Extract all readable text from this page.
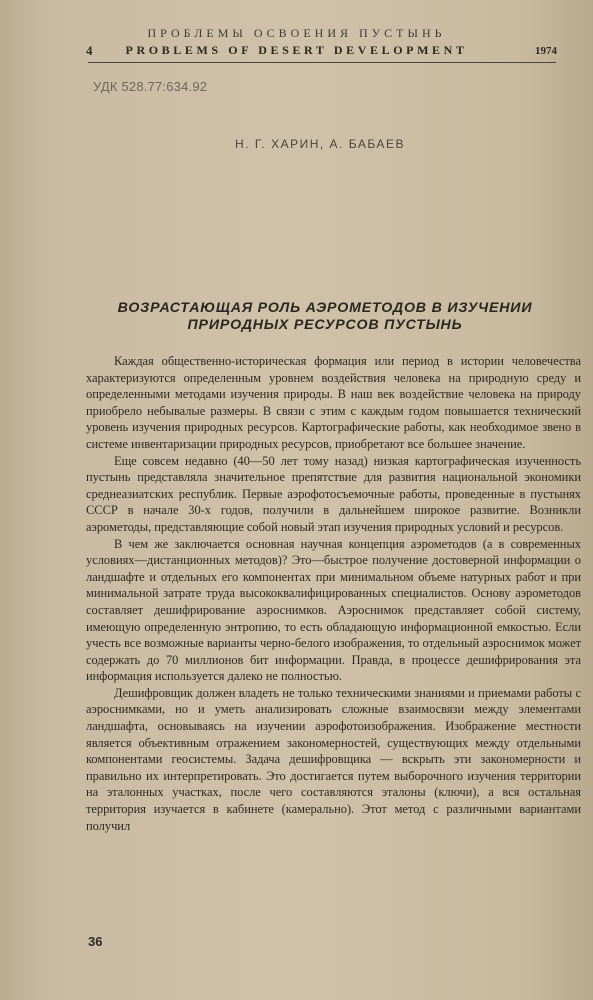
ПРОБЛЕМЫ ОСВОЕНИЯ ПУСТЫНЬ
4	PROBLEMS OF DESERT DEVELOPMENT	1974
УДК 528.77:634.92
Н. Г. ХАРИН, А. БАБАЕВ
ВОЗРАСТАЮЩАЯ РОЛЬ АЭРОМЕТОДОВ В ИЗУЧЕНИИ
ПРИРОДНЫХ РЕСУРСОВ ПУСТЫНЬ

Каждая общественно-историческая формация или период в истории человечества характеризуются определенным уровнем воздействия человека на природную среду и определенными методами изучения природы. В наш век воздействие человека на природу приобрело небывалые размеры. В связи с этим с каждым годом повышается технический уровень изучения природных ресурсов. Картографические работы, как необходимое звено в системе инвентаризации природных ресурсов, приобретают все большее значение.

Еще совсем недавно (40—50 лет тому назад) низкая картографическая изученность пустынь представляла значительное препятствие для развития национальной экономики среднеазиатских республик. Первые аэрофотосъемочные работы, проведенные в пустынях СССР в начале 30-х годов, получили в дальнейшем широкое развитие. Возникли аэрометоды, представляющие собой новый этап изучения природных условий и ресурсов.

В чем же заключается основная научная концепция аэрометодов (а в современных условиях—дистанционных методов)? Это—быстрое получение достоверной информации о ландшафте и отдельных его компонентах при минимальном объеме натурных работ и при минимальной затрате труда высококвалифицированных специалистов. Основу аэрометодов составляет дешифрирование аэроснимков. Аэроснимок представляет собой систему, имеющую определенную энтропию, то есть обладающую информационной емкостью. Если учесть все возможные варианты черно-белого изображения, то отдельный аэроснимок может содержать до 70 миллионов бит информации. Правда, в процессе дешифрирования эта информация используется далеко не полностью.

Дешифровщик должен владеть не только техническими знаниями и приемами работы с аэроснимками, но и уметь анализировать сложные взаимосвязи между элементами ландшафта, основываясь на изучении аэрофотоизображения. Изображение местности является объективным отражением закономерностей, существующих между отдельными компонентами геосистемы. Задача дешифровщика — вскрыть эти закономерности и правильно их интерпретировать. Это достигается путем выборочного изучения территории на эталонных участках, после чего составляются эталоны (ключи), а вся остальная территория изучается в кабинете (камерально). Этот метод с различными вариантами получил

36
